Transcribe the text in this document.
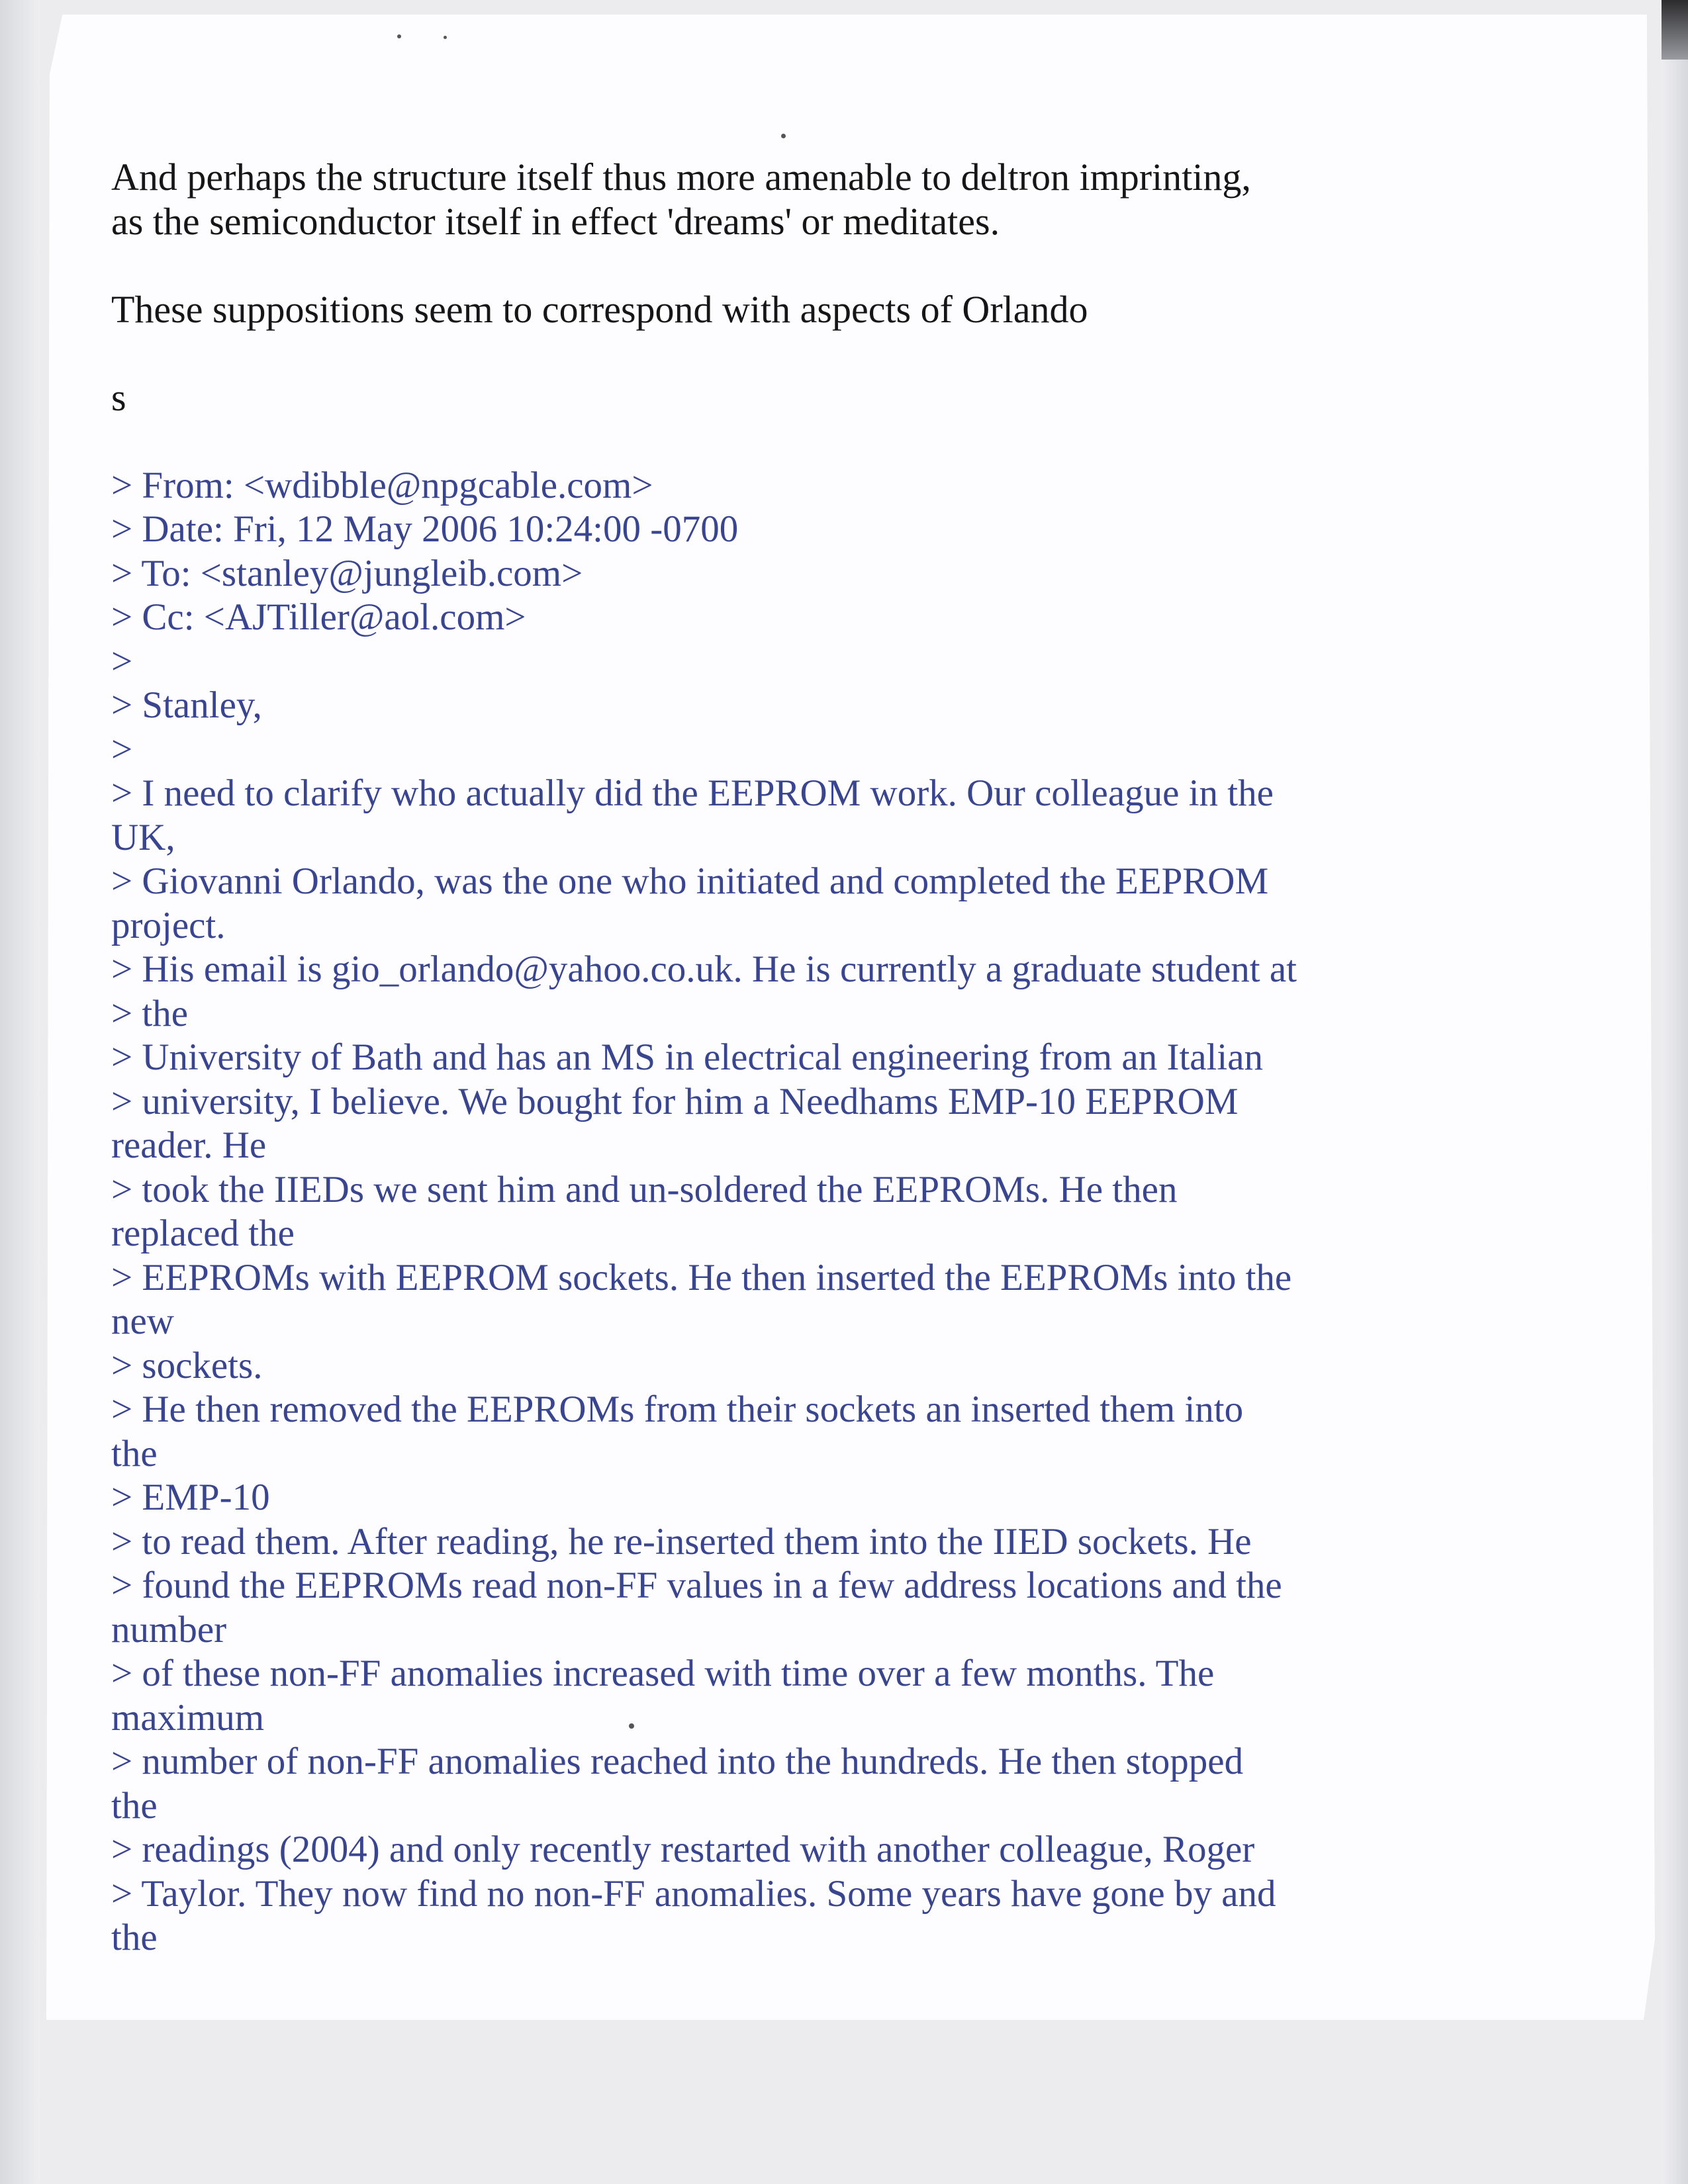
And perhaps the structure itself thus more amenable to deltron imprinting,
as the semiconductor itself in effect 'dreams' or meditates.
These suppositions seem to correspond with aspects of Orlando
s
> From: <wdibble@npgcable.com>
> Date: Fri, 12 May 2006 10:24:00 -0700
> To: <stanley@jungleib.com>
> Cc: <AJTiller@aol.com>
>
> Stanley,
>
> I need to clarify who actually did the EEPROM work. Our colleague in the
UK,
> Giovanni Orlando, was the one who initiated and completed the EEPROM
project.
> His email is gio_orlando@yahoo.co.uk. He is currently a graduate student at
> the
> University of Bath and has an MS in electrical engineering from an Italian
> university, I believe. We bought for him a Needhams EMP-10 EEPROM
reader. He
> took the IIEDs we sent him and un-soldered the EEPROMs. He then
replaced the
> EEPROMs with EEPROM sockets. He then inserted the EEPROMs into the
new
> sockets.
> He then removed the EEPROMs from their sockets an inserted them into
the
> EMP-10
> to read them. After reading, he re-inserted them into the IIED sockets. He
> found the EEPROMs read non-FF values in a few address locations and the
number
> of these non-FF anomalies increased with time over a few months. The
maximum
> number of non-FF anomalies reached into the hundreds. He then stopped
the
> readings (2004) and only recently restarted with another colleague, Roger
> Taylor. They now find no non-FF anomalies. Some years have gone by and
the
